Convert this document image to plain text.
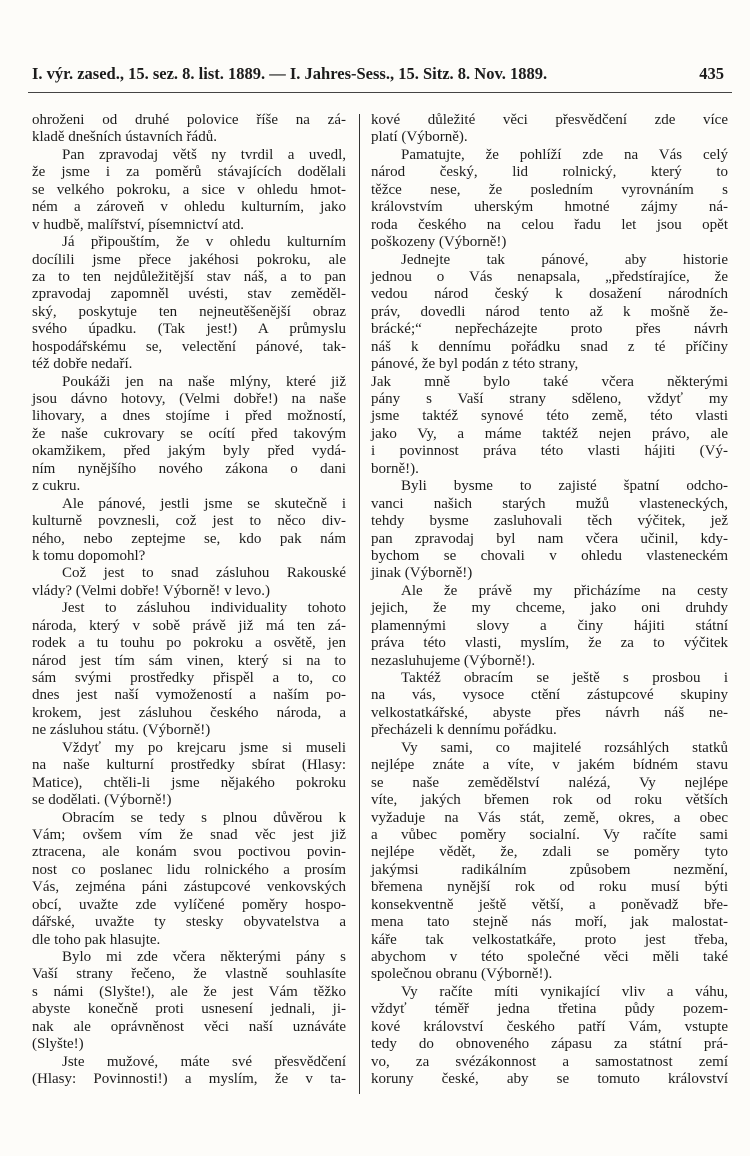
I. výr. zased., 15. sez. 8. list. 1889. — I. Jahres-Sess., 15. Sitz. 8. Nov. 1889.	435
ohroženi od druhé polovice říše na zá-
kladě dnešních ústavních řádů.
Pan zpravodaj větš ny tvrdil a uvedl,
že jsme i za poměrů stávajících dodělali
se velkého pokroku, a sice v ohledu hmot-
ném a zároveň v ohledu kulturním, jako
v hudbě, malířství, písemnictví atd.
Já připouštím, že v ohledu kulturním
docílili jsme přece jakéhosi pokroku, ale
za to ten nejdůležitější stav náš, a to pan
zpravodaj zapomněl uvésti, stav zeměděl-
ský, poskytuje ten nejneutěšenější obraz
svého úpadku. (Tak jest!) A průmyslu
hospodářskému se, velectění pánové, tak-
též dobře nedaří.
Poukáži jen na naše mlýny, které již
jsou dávno hotovy, (Velmi dobře!) na naše
lihovary, a dnes stojíme i před možností,
že naše cukrovary se ocítí před takovým
okamžikem, před jakým byly před vydá-
ním nynějšího nového zákona o dani
z cukru.
Ale pánové, jestli jsme se skutečně i
kulturně povznesli, což jest to něco div-
ného, nebo zeptejme se, kdo pak nám
k tomu dopomohl?
Což jest to snad zásluhou Rakouské
vlády? (Velmi dobře! Výborně! v levo.)
Jest to zásluhou individuality tohoto
národa, který v sobě právě již má ten zá-
rodek a tu touhu po pokroku a osvětě, jen
národ jest tím sám vinen, který si na to
sám svými prostředky přispěl a to, co
dnes jest naší vymožeností a naším po-
krokem, jest zásluhou českého národa, a
ne zásluhou státu. (Výborně!)
Vždyť my po krejcaru jsme si museli
na naše kulturní prostředky sbírat (Hlasy:
Matice), chtěli-li jsme nějakého pokroku
se dodělati. (Výborně!)
Obracím se tedy s plnou důvěrou k
Vám; ovšem vím že snad věc jest již
ztracena, ale konám svou poctivou povin-
nost co poslanec lidu rolnického a prosím
Vás, zejména páni zástupcové venkovských
obcí, uvažte zde vylíčené poměry hospo-
dářské, uvažte ty stesky obyvatelstva a
dle toho pak hlasujte.
Bylo mi zde včera některými pány s
Vaší strany řečeno, že vlastně souhlasíte
s námi (Slyšte!), ale že jest Vám těžko
abyste konečně proti usnesení jednali, ji-
nak ale oprávněnost věci naší uznáváte
(Slyšte!)
Jste mužové, máte své přesvědčení
(Hlasy: Povinnosti!) a myslím, že v ta-
kové důležité věci přesvědčení zde více
platí (Výborně).
Pamatujte, že pohlíží zde na Vás celý
národ český, lid rolnický, který to
těžce nese, že posledním vyrovnáním s
královstvím uherským hmotné zájmy ná-
roda českého na celou řadu let jsou opět
poškozeny (Výborně!)
Jednejte tak pánové, aby historie
jednou o Vás nenapsala, „předstírajíce, že
vedou národ český k dosažení národních
práv, dovedli národ tento až k mošně že-
brácké;“ nepřecházejte proto přes návrh
náš k dennímu pořádku snad z té příčiny
pánové, že byl podán z této strany,
Jak mně bylo také včera některými
pány s Vaší strany sděleno, vždyť my
jsme taktéž synové této země, této vlasti
jako Vy, a máme taktéž nejen právo, ale
i povinnost práva této vlasti hájiti (Vý-
borně!).
Byli bysme to zajisté špatní odcho-
vanci našich starých mužů vlasteneckých,
tehdy bysme zasluhovali těch výčitek, jež
pan zpravodaj byl nam včera učinil, kdy-
bychom se chovali v ohledu vlasteneckém
jinak (Výborně!)
Ale že právě my přicházíme na cesty
jejich, že my chceme, jako oni druhdy
plamennými slovy a činy hájiti státní
práva této vlasti, myslím, že za to výčitek
nezasluhujeme (Výborně!).
Taktéž obracím se ještě s prosbou i
na vás, vysoce ctění zástupcové skupiny
velkostatkářské, abyste přes návrh náš ne-
přecházeli k dennímu pořádku.
Vy sami, co majitelé rozsáhlých statků
nejlépe znáte a víte, v jakém bídném stavu
se naše zemědělství nalézá, Vy nejlépe
víte, jakých břemen rok od roku větších
vyžaduje na Vás stát, země, okres, a obec
a vůbec poměry socialní. Vy račíte sami
nejlépe vědět, že, zdali se poměry tyto
jakýmsi radikálním způsobem nezmění,
břemena nynější rok od roku musí býti
konsekventně ještě větší, a poněvadž bře-
mena tato stejně nás moří, jak malostat-
káře tak velkostatkáře, proto jest třeba,
abychom v této společné věci měli také
společnou obranu (Výborně!).
Vy račíte míti vynikající vliv a váhu,
vždyť téměř jedna třetina půdy pozem-
kové království českého patří Vám, vstupte
tedy do obnoveného zápasu za státní prá-
vo, za svézákonnost a samostatnost zemí
koruny české, aby se tomuto království
